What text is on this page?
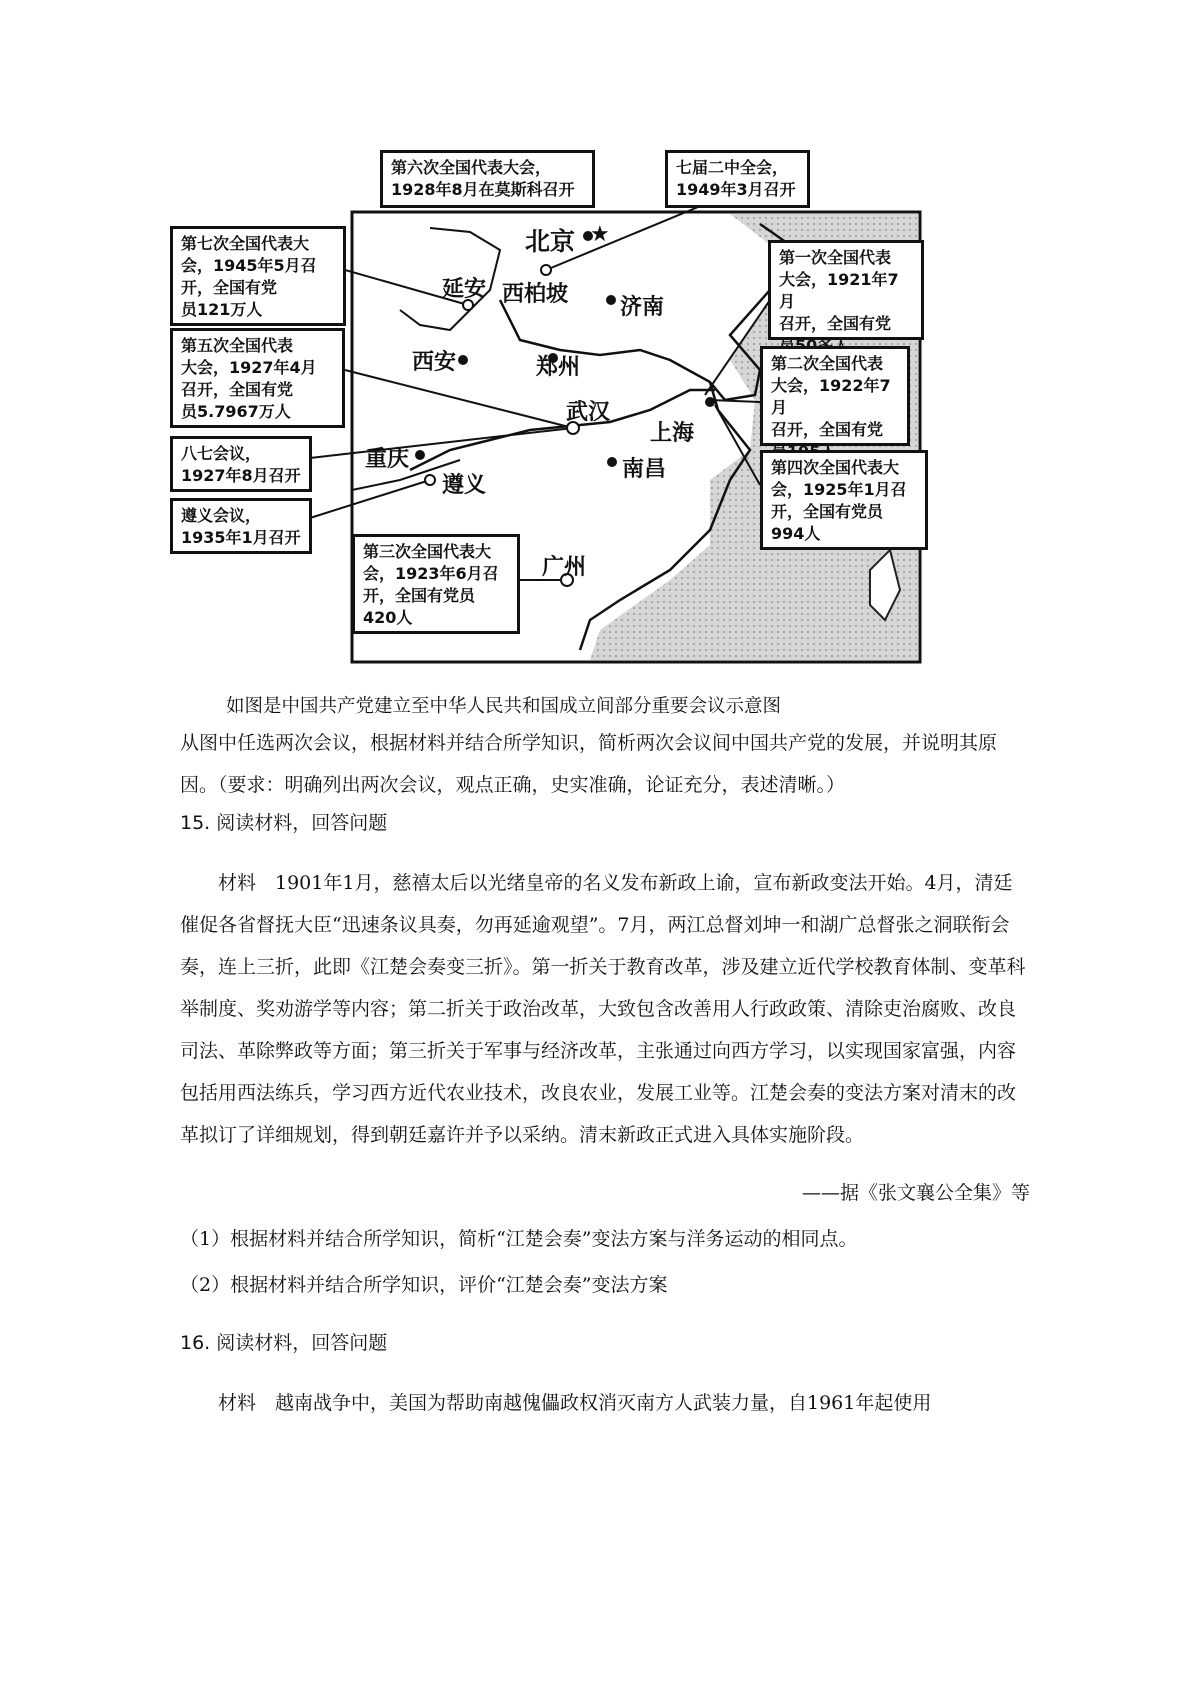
北京 ★
延安 西柏坡
济南
西安	郑州
武汉
上海
重庆
遵义
南昌
广州
第六次全国代表大会，
1928年8月在莫斯科召开
七届二中全会，
1949年3月召开
第七次全国代表大
会，1945年5月召
开，全国有党
员121万人
第一次全国代表
大会，1921年7月
召开，全国有党

第五次全国代表
大会，1927年4月
召开，全国有党
员5.7967万人
第二次全国代表
大会，1922年7月
召开，全国有党

八七会议，
1927年8月召开	第四次全国代表大
会，1925年1月召
开，全国有党员
994人
遵义会议，
1935年1月召开
第三次全国代表大
会，1923年6月召
开，全国有党员
420人
如图是中国共产党建立至中华人民共和国成立间部分重要会议示意图
从图中任选两次会议，根据材料并结合所学知识，简析两次会议间中国共产党的发展，并说明其原因。（要求：明确列出两次会议，观点正确，史实准确，论证充分，表述清晰。）
15. 阅读材料，回答问题
材料　1901年1月，慈禧太后以光绪皇帝的名义发布新政上谕，宣布新政变法开始。4月，清廷催促各省督抚大臣“迅速条议具奏，勿再延逾观望”。7月，两江总督刘坤一和湖广总督张之洞联衔会奏，连上三折，此即《江楚会奏变三折》。第一折关于教育改革，涉及建立近代学校教育体制、变革科举制度、奖劝游学等内容；第二折关于政治改革，大致包含改善用人行政政策、清除吏治腐败、改良司法、革除弊政等方面；第三折关于军事与经济改革，主张通过向西方学习，以实现国家富强，内容包括用西法练兵，学习西方近代农业技术，改良农业，发展工业等。江楚会奏的变法方案对清末的改革拟订了详细规划，得到朝廷嘉许并予以采纳。清末新政正式进入具体实施阶段。
——据《张文襄公全集》等
（1）根据材料并结合所学知识，简析“江楚会奏”变法方案与洋务运动的相同点。
（2）根据材料并结合所学知识，评价“江楚会奏”变法方案
16. 阅读材料，回答问题
材料　越南战争中，美国为帮助南越傀儡政权消灭南方人武装力量，自1961年起使用
